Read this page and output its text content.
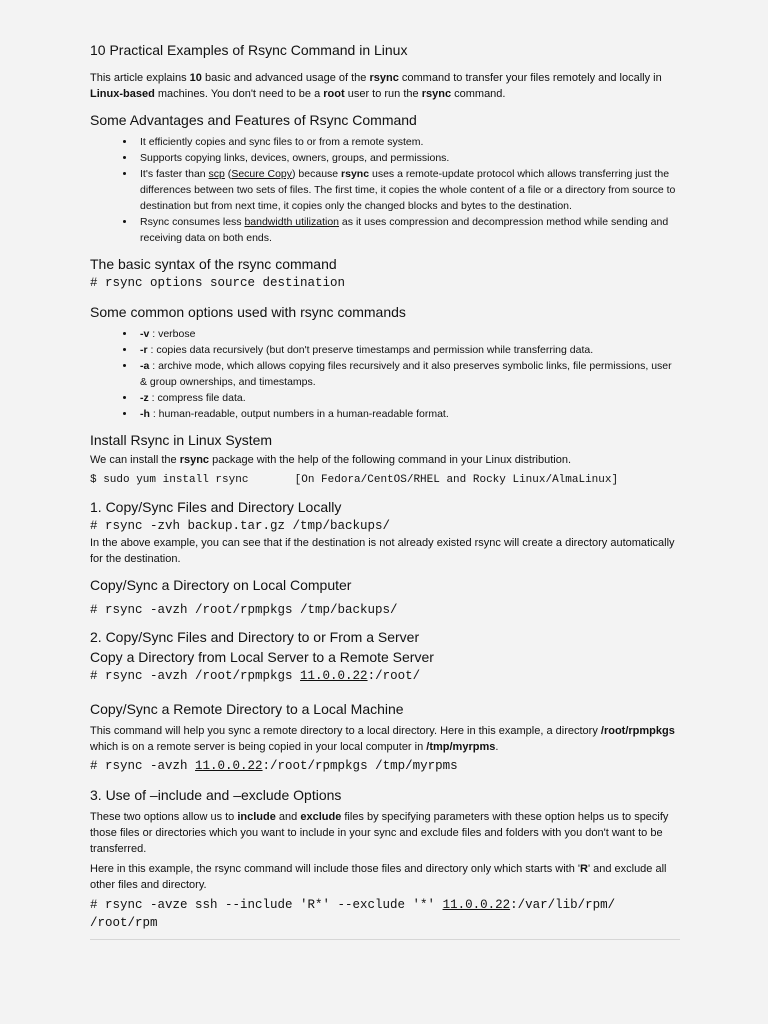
10 Practical Examples of Rsync Command in Linux

This article explains 10 basic and advanced usage of the rsync command to transfer your files remotely and locally in Linux-based machines. You don't need to be a root user to run the rsync command.

Some Advantages and Features of Rsync Command
• It efficiently copies and sync files to or from a remote system.
• Supports copying links, devices, owners, groups, and permissions.
• It's faster than scp (Secure Copy) because rsync uses a remote-update protocol which allows transferring just the differences between two sets of files. The first time, it copies the whole content of a file or a directory from source to destination but from next time, it copies only the changed blocks and bytes to the destination.
• Rsync consumes less bandwidth utilization as it uses compression and decompression method while sending and receiving data on both ends.
The basic syntax of the rsync command
# rsync options source destination
Some common options used with rsync commands
• -v : verbose
• -r : copies data recursively (but don't preserve timestamps and permission while transferring data.
• -a : archive mode, which allows copying files recursively and it also preserves symbolic links, file permissions, user & group ownerships, and timestamps.
• -z : compress file data.
• -h : human-readable, output numbers in a human-readable format.
Install Rsync in Linux System

We can install the rsync package with the help of the following command in your Linux distribution.

$ sudo yum install rsync       [On Fedora/CentOS/RHEL and Rocky Linux/AlmaLinux]
1. Copy/Sync Files and Directory Locally
# rsync -zvh backup.tar.gz /tmp/backups/

In the above example, you can see that if the destination is not already existed rsync will create a directory automatically for the destination.

Copy/Sync a Directory on Local Computer
# rsync -avzh /root/rpmpkgs /tmp/backups/
2. Copy/Sync Files and Directory to or From a Server
Copy a Directory from Local Server to a Remote Server
# rsync -avzh /root/rpmpkgs 11.0.0.22:/root/
Copy/Sync a Remote Directory to a Local Machine

This command will help you sync a remote directory to a local directory. Here in this example, a directory /root/rpmpkgs which is on a remote server is being copied in your local computer in /tmp/myrpms.

# rsync -avzh 11.0.0.22:/root/rpmpkgs /tmp/myrpms
3. Use of –include and –exclude Options

These two options allow us to include and exclude files by specifying parameters with these option helps us to specify those files or directories which you want to include in your sync and exclude files and folders with you don't want to be transferred.

Here in this example, the rsync command will include those files and directory only which starts with 'R' and exclude all other files and directory.

# rsync -avze ssh --include 'R*' --exclude '*' 11.0.0.22:/var/lib/rpm/
/root/rpm
